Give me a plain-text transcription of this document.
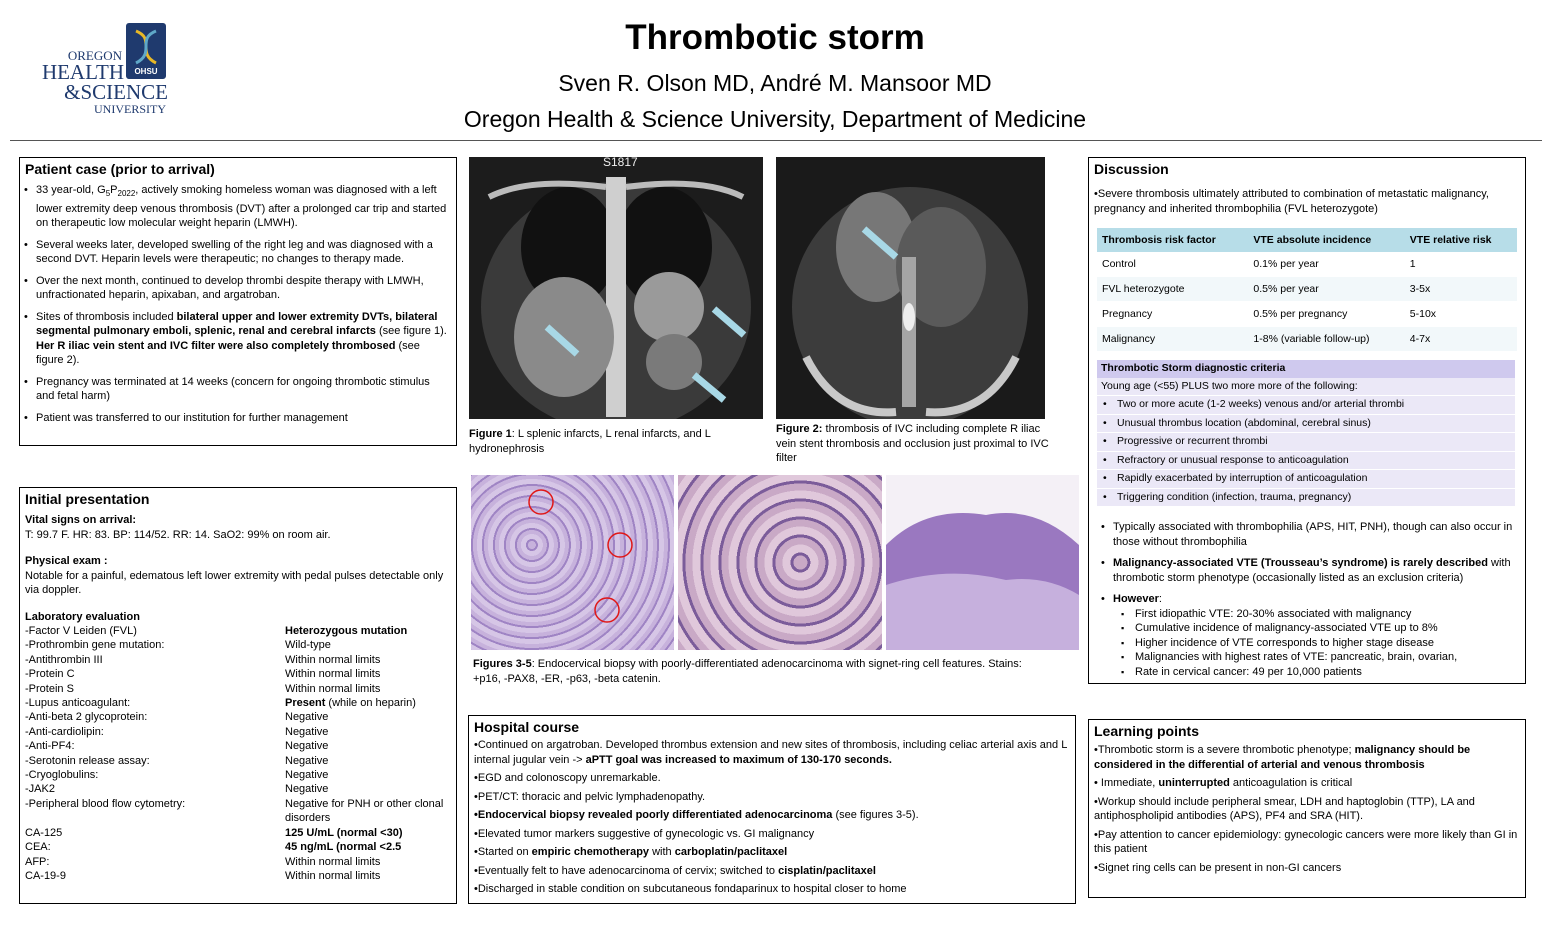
OHSU
OREGON
HEALTH
&SCIENCE
UNIVERSITY
Thrombotic storm
Sven R. Olson MD, André M. Mansoor MD
Oregon Health & Science University, Department of Medicine
Patient case (prior to arrival)
• 33 year-old, $G_5P_{2022}$, actively smoking homeless woman was diagnosed with a left lower extremity deep venous thrombosis (DVT) after a prolonged car trip and started on therapeutic low molecular weight heparin (LMWH).
• Several weeks later, developed swelling of the right leg and was diagnosed with a second DVT. Heparin levels were therapeutic; no changes to therapy made.
• Over the next month, continued to develop thrombi despite therapy with LMWH, unfractionated heparin, apixaban, and argatroban.
• Sites of thrombosis included bilateral upper and lower extremity DVTs, bilateral segmental pulmonary emboli, splenic, renal and cerebral infarcts (see figure 1). Her R iliac vein stent and IVC filter were also completely thrombosed (see figure 2).
• Pregnancy was terminated at 14 weeks (concern for ongoing thrombotic stimulus and fetal harm)
• Patient was transferred to our institution for further management
Initial presentation
Vital signs on arrival:
T: 99.7 F. HR: 83. BP: 114/52. RR: 14. SaO2: 99% on room air.
Physical exam :
Notable for a painful, edematous left lower extremity with pedal pulses detectable only via doppler.
Laboratory evaluation
-Factor V Leiden (FVL)	Heterozygous mutation
-Prothrombin gene mutation:	Wild-type
-Antithrombin III	Within normal limits
-Protein C	Within normal limits
-Protein S	Within normal limits
-Lupus anticoagulant:	Present (while on heparin)
-Anti-beta 2 glycoprotein:	Negative
-Anti-cardiolipin:	Negative
-Anti-PF4:	Negative
-Serotonin release assay:	Negative
-Cryoglobulins:	Negative
-JAK2	Negative
-Peripheral blood flow cytometry:	Negative for PNH or other clonal disorders
CA-125	125 U/mL (normal <30)
CEA:	45 ng/mL (normal <2.5
AFP:	Within normal limits
CA-19-9	Within normal limits
S1817
Figure 1: L splenic infarcts, L renal infarcts, and L hydronephrosis
Figure 2: thrombosis of IVC including complete R iliac vein stent thrombosis and occlusion just proximal to IVC filter
Figures 3-5: Endocervical biopsy with poorly-differentiated adenocarcinoma with signet-ring cell features. Stains: +p16, -PAX8, -ER, -p63, -beta catenin.
Hospital course

•Continued on argatroban. Developed thrombus extension and new sites of thrombosis, including celiac arterial axis and L internal jugular vein -> aPTT goal was increased to maximum of 130-170 seconds.

•EGD and colonoscopy unremarkable.

•PET/CT: thoracic and pelvic lymphadenopathy.

•Endocervical biopsy revealed poorly differentiated adenocarcinoma (see figures 3-5).

•Elevated tumor markers suggestive of gynecologic vs. GI malignancy

•Started on empiric chemotherapy with carboplatin/paclitaxel

•Eventually felt to have adenocarcinoma of cervix; switched to cisplatin/paclitaxel

•Discharged in stable condition on subcutaneous fondaparinux to hospital closer to home

Discussion
•Severe thrombosis ultimately attributed to combination of metastatic malignancy, pregnancy and inherited thrombophilia (FVL heterozygote)
Thrombosis risk factor	VTE absolute incidence	VTE relative risk
Control	0.1% per year	1
FVL heterozygote	0.5% per year	3-5x
Pregnancy	0.5% per pregnancy	5-10x
Malignancy	1-8% (variable follow-up)	4-7x
Thrombotic Storm diagnostic criteria
Young age (<55) PLUS two more more of the following:
• Two or more acute (1-2 weeks) venous and/or arterial thrombi
• Unusual thrombus location (abdominal, cerebral sinus)
• Progressive or recurrent thrombi
• Refractory or unusual response to anticoagulation
• Rapidly exacerbated by interruption of anticoagulation
• Triggering condition (infection, trauma, pregnancy)
• Typically associated with thrombophilia (APS, HIT, PNH), though can also occur in those without thrombophilia
• Malignancy-associated VTE (Trousseau’s syndrome) is rarely described with thrombotic storm phenotype (occasionally listed as an exclusion criteria)
• However:
▪ First idiopathic VTE: 20-30% associated with malignancy
▪ Cumulative incidence of malignancy-associated VTE up to 8%
▪ Higher incidence of VTE corresponds to higher stage disease
▪ Malignancies with highest rates of VTE: pancreatic, brain, ovarian,
▪ Rate in cervical cancer: 49 per 10,000 patients
Learning points

•Thrombotic storm is a severe thrombotic phenotype; malignancy should be considered in the differential of arterial and venous thrombosis

• Immediate, uninterrupted anticoagulation is critical

•Workup should include peripheral smear, LDH and haptoglobin (TTP), LA and antiphospholipid antibodies (APS), PF4 and SRA (HIT).

•Pay attention to cancer epidemiology: gynecologic cancers were more likely than GI in this patient

•Signet ring cells can be present in non-GI cancers
